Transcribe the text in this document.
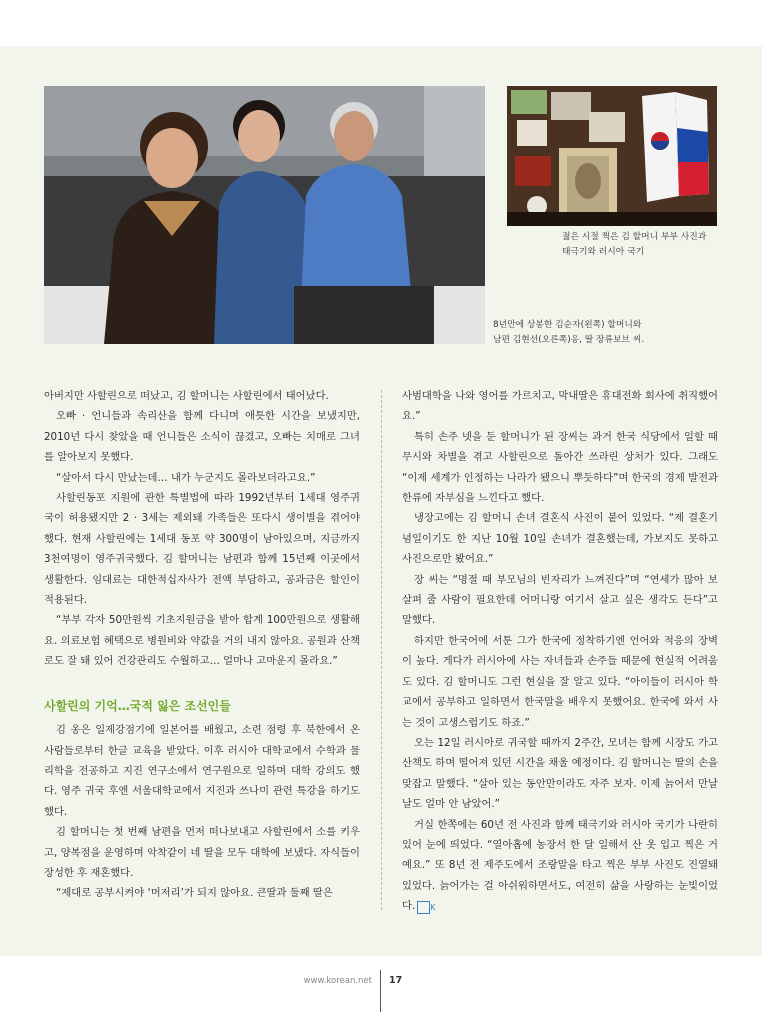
젊은 시절 찍은 김 할머니 부부 사진과
태극기와 러시아 국기

8년만에 상봉한 김순자(왼쪽) 할머니와
남편 김현선(오른쪽)옹, 딸 장류보브 씨.

아버지만 사할린으로 떠났고, 김 할머니는 사할린에서 태어났다.

오빠 · 언니들과 속리산을 함께 다니며 애틋한 시간을 보냈지만, 2010년 다시 찾았을 때 언니들은 소식이 끊겼고, 오빠는 치매로 그녀를 알아보지 못했다.

“살아서 다시 만났는데… 내가 누군지도 몰라보더라고요.”

사할린동포 지원에 관한 특별법에 따라 1992년부터 1세대 영주귀국이 허용됐지만 2 · 3세는 제외돼 가족들은 또다시 생이별을 겪어야 했다. 현재 사할린에는 1세대 동포 약 300명이 남아있으며, 지금까지 3천여명이 영주귀국했다. 김 할머니는 남편과 함께 15년째 이곳에서 생활한다. 임대료는 대한적십자사가 전액 부담하고, 공과금은 할인이 적용된다.

“부부 각자 50만원씩 기초지원금을 받아 합계 100만원으로 생활해요. 의료보험 혜택으로 병원비와 약값을 거의 내지 않아요. 공원과 산책로도 잘 돼 있어 건강관리도 수월하고… 얼마나 고마운지 몰라요.”

사할린의 기억…국적 잃은 조선인들

김 옹은 일제강점기에 일본어를 배웠고, 소련 점령 후 북한에서 온 사람들로부터 한글 교육을 받았다. 이후 러시아 대학교에서 수학과 물리학을 전공하고 지진 연구소에서 연구원으로 일하며 대학 강의도 했다. 영주 귀국 후엔 서울대학교에서 지진과 쓰나미 관련 특강을 하기도 했다.

김 할머니는 첫 번째 남편을 먼저 떠나보내고 사할린에서 소를 키우고, 양복점을 운영하며 악착같이 네 딸을 모두 대학에 보냈다. 자식들이 장성한 후 재혼했다.

“제대로 공부시켜야 ‘머저리’가 되지 않아요. 큰딸과 둘째 딸은

사범대학을 나와 영어를 가르치고, 막내딸은 휴대전화 회사에 취직했어요.”

특히 손주 넷을 둔 할머니가 된 장씨는 과거 한국 식당에서 일할 때 무시와 차별을 겪고 사할린으로 돌아간 쓰라린 상처가 있다. 그래도 “이제 세계가 인정하는 나라가 됐으니 뿌듯하다”며 한국의 경제 발전과 한류에 자부심을 느낀다고 했다.

냉장고에는 김 할머니 손녀 결혼식 사진이 붙어 있었다. “제 결혼기념일이기도 한 지난 10월 10일 손녀가 결혼했는데, 가보지도 못하고 사진으로만 봤어요.”

장 씨는 “명절 때 부모님의 빈자리가 느껴진다”며 “연세가 많아 보살펴 줄 사람이 필요한데 어머니랑 여기서 살고 싶은 생각도 든다”고 말했다.

하지만 한국어에 서툰 그가 한국에 정착하기엔 언어와 적응의 장벽이 높다. 게다가 러시아에 사는 자녀들과 손주들 때문에 현실적 어려움도 있다. 김 할머니도 그런 현실을 잘 알고 있다. “아이들이 러시아 학교에서 공부하고 일하면서 한국말을 배우지 못했어요. 한국에 와서 사는 것이 고생스럽기도 하죠.”

오는 12일 러시아로 귀국할 때까지 2주간, 모녀는 함께 시장도 가고 산책도 하며 떨어져 있던 시간을 채울 예정이다. 김 할머니는 딸의 손을 맞잡고 말했다. “살아 있는 동안만이라도 자주 보자. 이제 늙어서 만날 날도 얼마 안 남았어.”

거실 한쪽에는 60년 전 사진과 함께 태극기와 러시아 국기가 나란히 있어 눈에 띄었다. “열아홉에 농장서 한 달 일해서 산 옷 입고 찍은 거예요.” 또 8년 전 제주도에서 조랑말을 타고 찍은 부부 사진도 진열돼 있었다. 늙어가는 걸 아쉬워하면서도, 여전히 삶을 사랑하는 눈빛이었다. K

www.korean.net 17
